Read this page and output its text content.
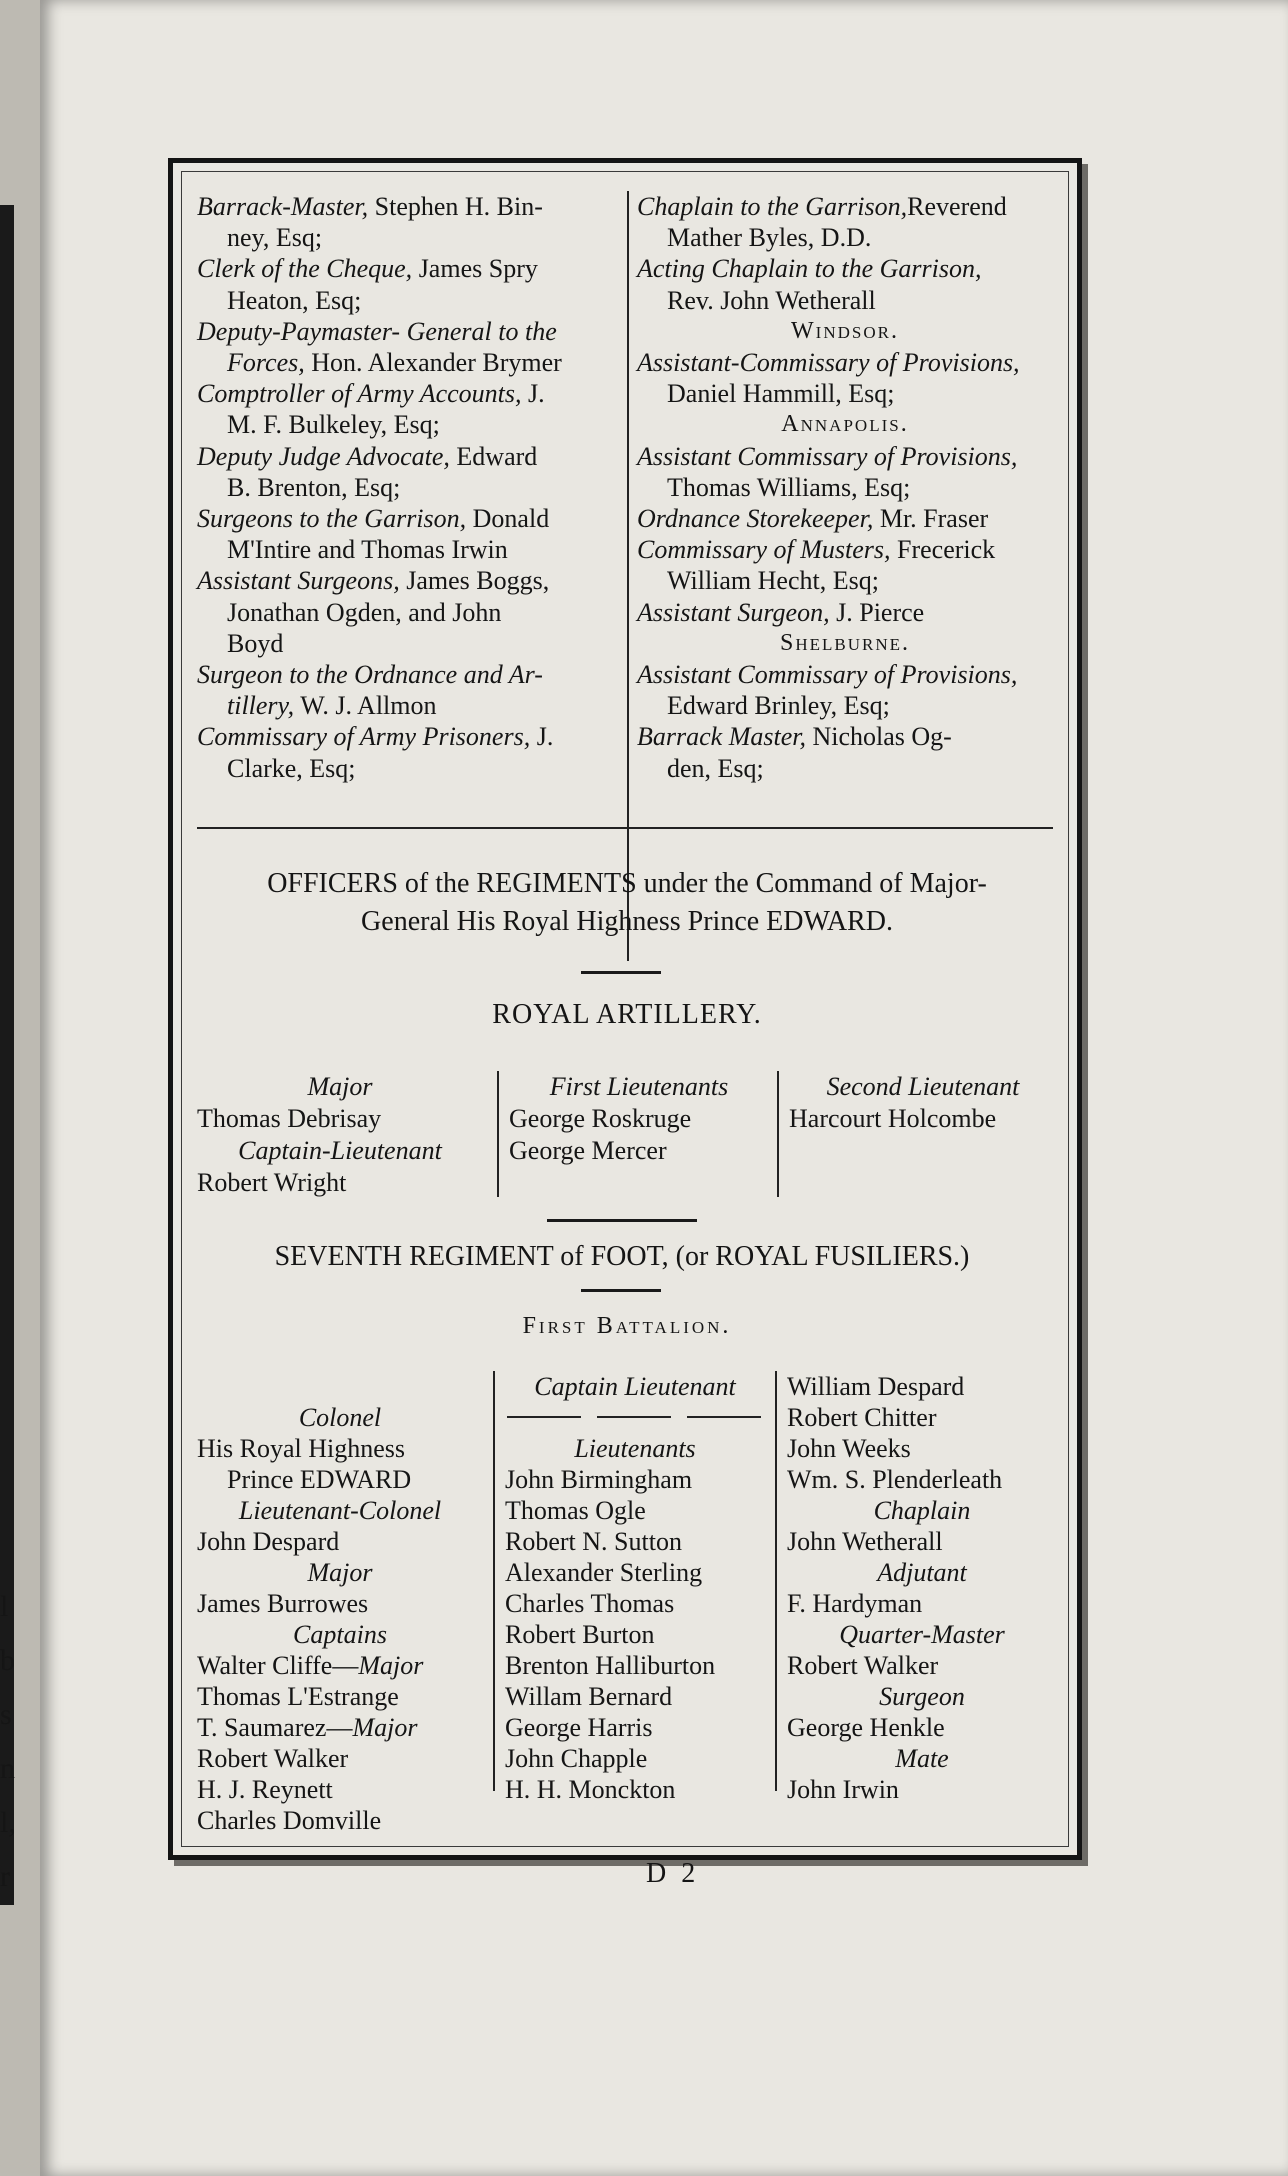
l
b
s
n
l,
r
Barrack-Master, Stephen H. Bin-
ney, Esq;
Clerk of the Cheque, James Spry
Heaton, Esq;
Deputy-Paymaster- General to the
Forces, Hon. Alexander Brymer
Comptroller of Army Accounts, J.
M. F. Bulkeley, Esq;
Deputy Judge Advocate, Edward
B. Brenton, Esq;
Surgeons to the Garrison, Donald
M'Intire and Thomas Irwin
Assistant Surgeons, James Boggs,
Jonathan Ogden, and John
Boyd
Surgeon to the Ordnance and Ar-
tillery, W. J. Allmon
Commissary of Army Prisoners, J.
Clarke, Esq;
Chaplain to the Garrison,Reverend
Mather Byles, D.D.
Acting Chaplain to the Garrison,
Rev. John Wetherall
Windsor.
Assistant-Commissary of Provisions,
Daniel Hammill, Esq;
Annapolis.
Assistant Commissary of Provisions,
Thomas Williams, Esq;
Ordnance Storekeeper, Mr. Fraser
Commissary of Musters, Frecerick
William Hecht, Esq;
Assistant Surgeon, J. Pierce
Shelburne.
Assistant Commissary of Provisions,
Edward Brinley, Esq;
Barrack Master, Nicholas Og-
den, Esq;
OFFICERS of the REGIMENTS under the Command of Major-
General His Royal Highness Prince EDWARD.
ROYAL ARTILLERY.
Major
Thomas Debrisay
Captain-Lieutenant
Robert Wright
First Lieutenants
George Roskruge
George Mercer
Second Lieutenant
Harcourt Holcombe
SEVENTH REGIMENT of FOOT, (or ROYAL FUSILIERS.)
First Battalion.
Colonel
His Royal Highness
Prince EDWARD
Lieutenant-Colonel
John Despard
Major
James Burrowes
Captains
Walter Cliffe—Major
Thomas L'Estrange
T. Saumarez—Major
Robert Walker
H. J. Reynett
Charles Domville
Captain Lieutenant
Lieutenants
John Birmingham
Thomas Ogle
Robert N. Sutton
Alexander Sterling
Charles Thomas
Robert Burton
Brenton Halliburton
Willam Bernard
George Harris
John Chapple
H. H. Monckton
William Despard
Robert Chitter
John Weeks
Wm. S. Plenderleath
Chaplain
John Wetherall
Adjutant
F. Hardyman
Quarter-Master
Robert Walker
Surgeon
George Henkle
Mate
John Irwin
D 2
